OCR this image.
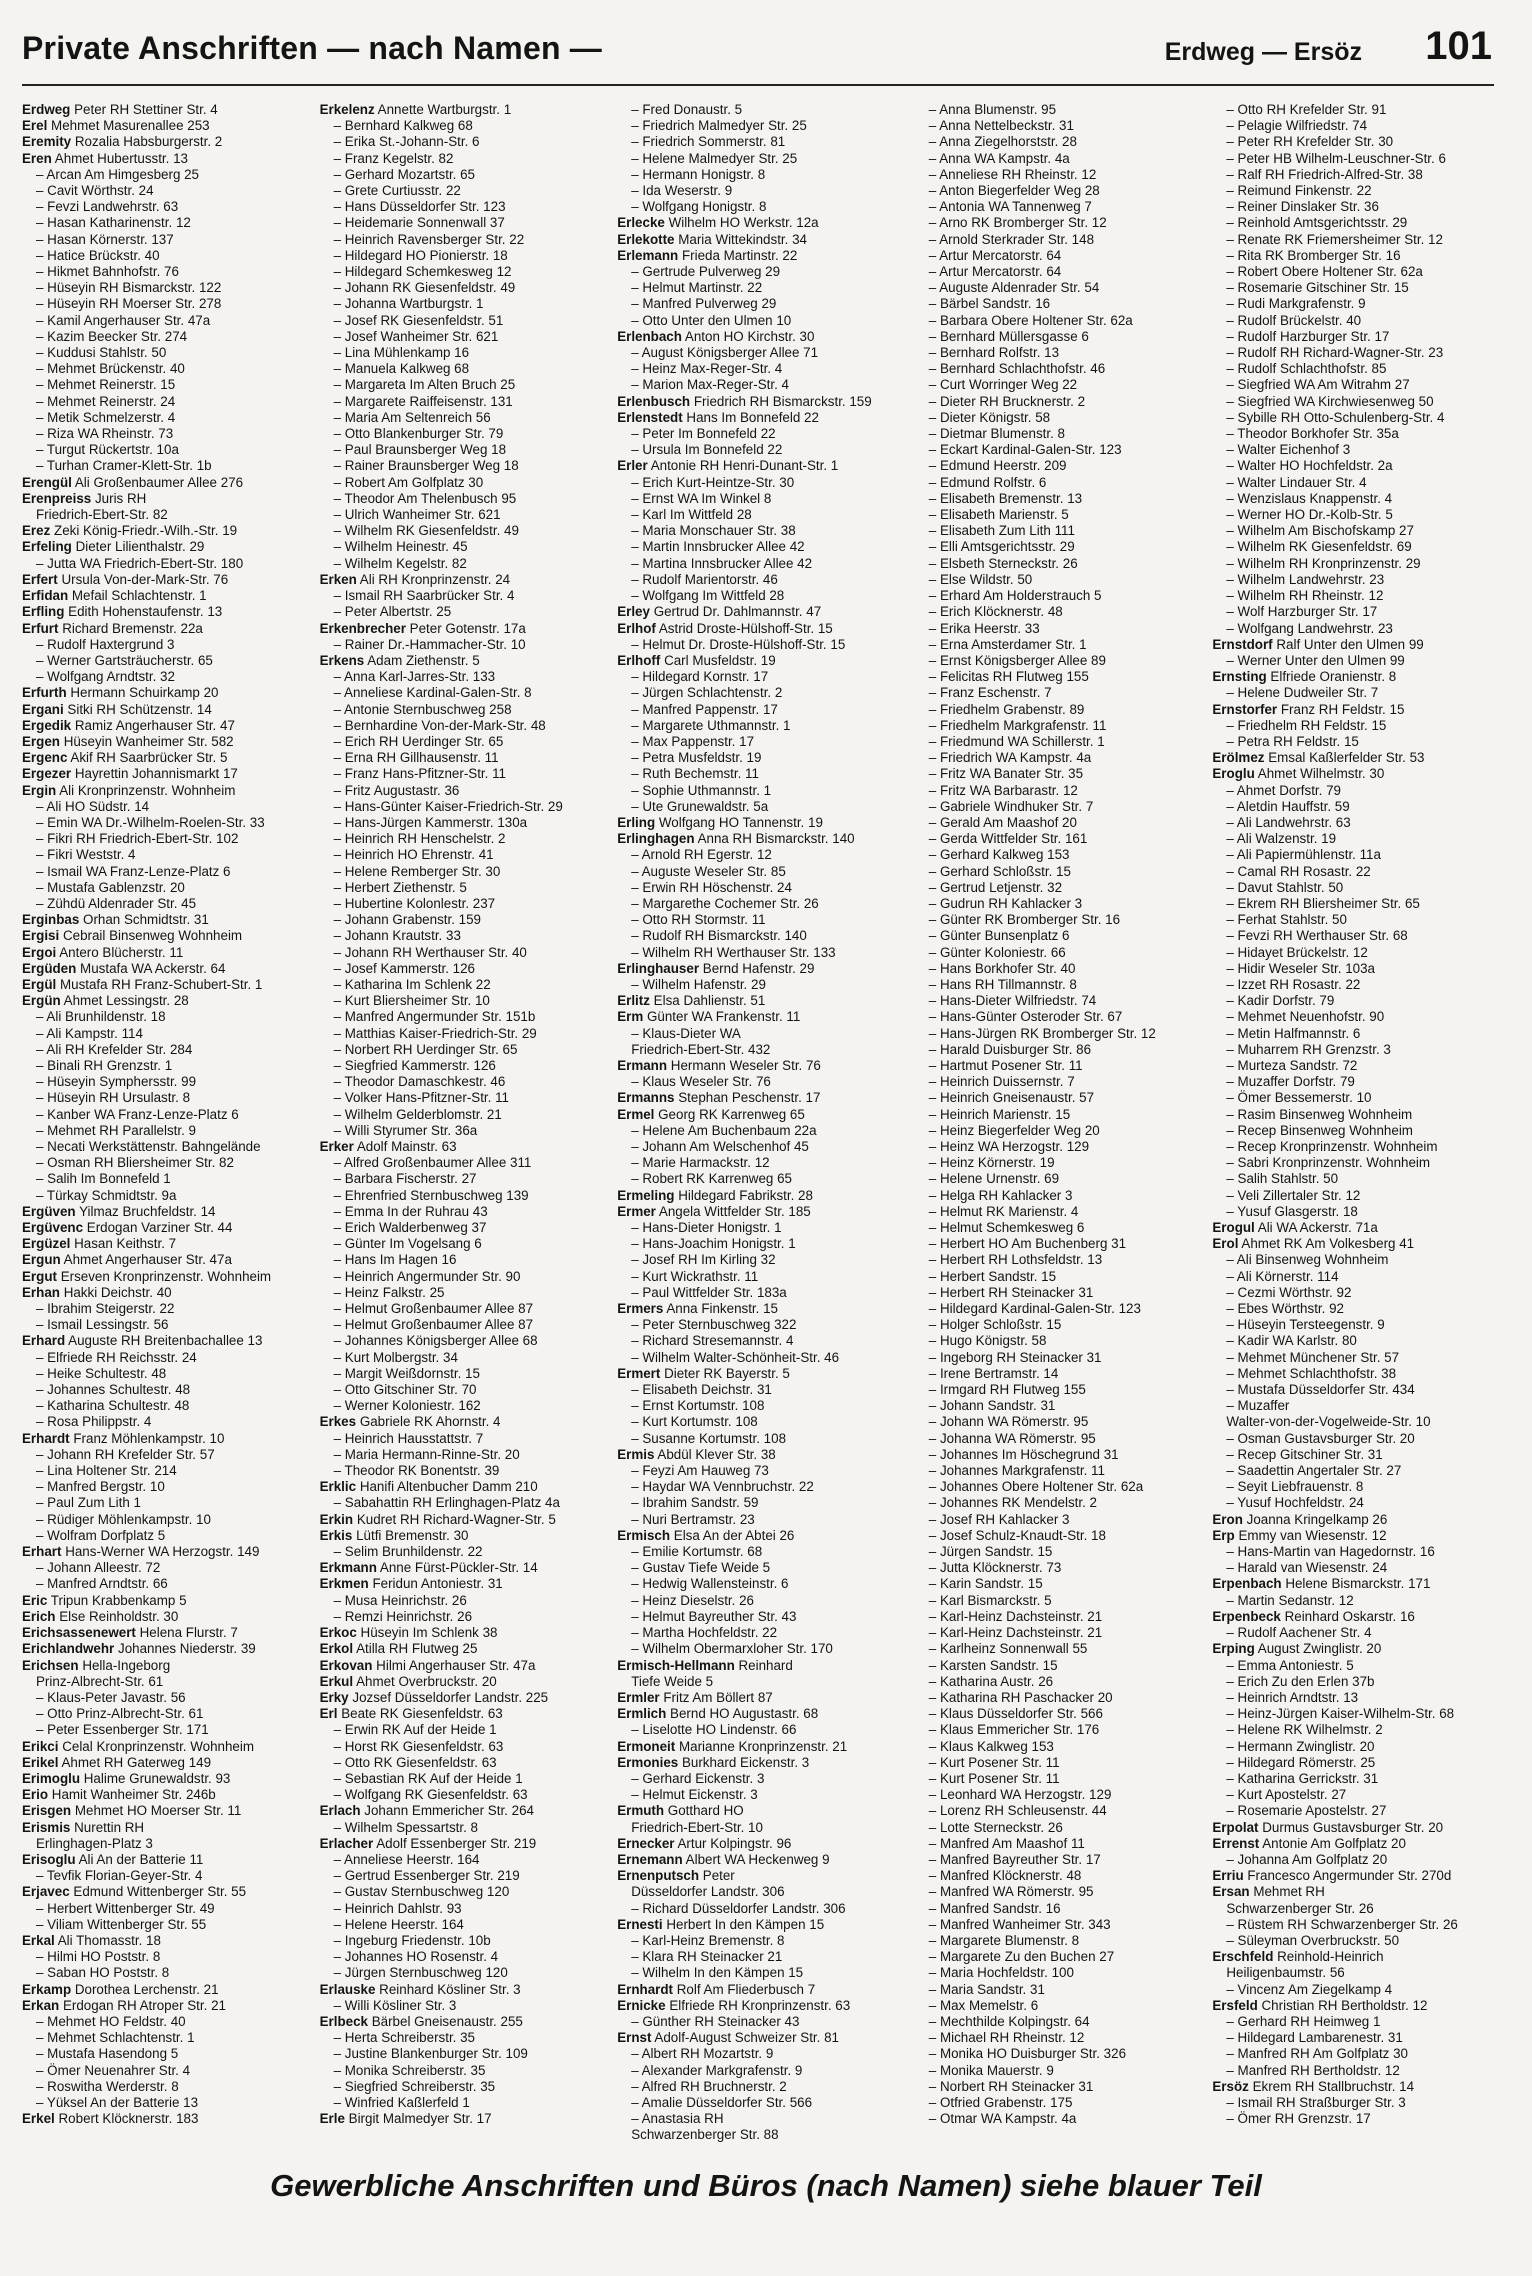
Private Anschriften — nach Namen —	Erdweg — Ersöz 101
Erdweg Peter RH Stettiner Str. 4
Erel Mehmet Masurenallee 253
Eremity Rozalia Habsburgerstr. 2
Eren Ahmet Hubertusstr. 13
– Arcan Am Himgesberg 25
– Cavit Wörthstr. 24
– Fevzi Landwehrstr. 63
– Hasan Katharinenstr. 12
– Hasan Körnerstr. 137
– Hatice Brückstr. 40
– Hikmet Bahnhofstr. 76
– Hüseyin RH Bismarckstr. 122
– Hüseyin RH Moerser Str. 278
– Kamil Angerhauser Str. 47a
– Kazim Beecker Str. 274
– Kuddusi Stahlstr. 50
– Mehmet Brückenstr. 40
– Mehmet Reinerstr. 15
– Mehmet Reinerstr. 24
– Metik Schmelzerstr. 4
– Riza WA Rheinstr. 73
– Turgut Rückertstr. 10a
– Turhan Cramer-Klett-Str. 1b
Erengül Ali Großenbaumer Allee 276
Erenpreiss Juris RH
Friedrich-Ebert-Str. 82
Erez Zeki König-Friedr.-Wilh.-Str. 19
Erfeling Dieter Lilienthalstr. 29
– Jutta WA Friedrich-Ebert-Str. 180
Erfert Ursula Von-der-Mark-Str. 76
Erfidan Mefail Schlachtenstr. 1
Erfling Edith Hohenstaufenstr. 13
Erfurt Richard Bremenstr. 22a
– Rudolf Haxtergrund 3
– Werner Gartsträucherstr. 65
– Wolfgang Arndtstr. 32
Erfurth Hermann Schuirkamp 20
Ergani Sitki RH Schützenstr. 14
Ergedik Ramiz Angerhauser Str. 47
Ergen Hüseyin Wanheimer Str. 582
Ergenc Akif RH Saarbrücker Str. 5
Ergezer Hayrettin Johannismarkt 17
Ergin Ali Kronprinzenstr. Wohnheim
– Ali HO Südstr. 14
– Emin WA Dr.-Wilhelm-Roelen-Str. 33
– Fikri RH Friedrich-Ebert-Str. 102
– Fikri Weststr. 4
– Ismail WA Franz-Lenze-Platz 6
– Mustafa Gablenzstr. 20
– Zühdü Aldenrader Str. 45
Erginbas Orhan Schmidtstr. 31
Ergisi Cebrail Binsenweg Wohnheim
Ergoi Antero Blücherstr. 11
Ergüden Mustafa WA Ackerstr. 64
Ergül Mustafa RH Franz-Schubert-Str. 1
Ergün Ahmet Lessingstr. 28
– Ali Brunhildenstr. 18
– Ali Kampstr. 114
– Ali RH Krefelder Str. 284
– Binali RH Grenzstr. 1
– Hüseyin Symphersstr. 99
– Hüseyin RH Ursulastr. 8
– Kanber WA Franz-Lenze-Platz 6
– Mehmet RH Parallelstr. 9
– Necati Werkstättenstr. Bahngelände
– Osman RH Bliersheimer Str. 82
– Salih Im Bonnefeld 1
– Türkay Schmidtstr. 9a
Ergüven Yilmaz Bruchfeldstr. 14
Ergüvenc Erdogan Varziner Str. 44
Ergüzel Hasan Keithstr. 7
Ergun Ahmet Angerhauser Str. 47a
Ergut Erseven Kronprinzenstr. Wohnheim
Erhan Hakki Deichstr. 40
– Ibrahim Steigerstr. 22
– Ismail Lessingstr. 56
Erhard Auguste RH Breitenbachallee 13
– Elfriede RH Reichsstr. 24
– Heike Schultestr. 48
– Johannes Schultestr. 48
– Katharina Schultestr. 48
– Rosa Philippstr. 4
Erhardt Franz Möhlenkampstr. 10
– Johann RH Krefelder Str. 57
– Lina Holtener Str. 214
– Manfred Bergstr. 10
– Paul Zum Lith 1
– Rüdiger Möhlenkampstr. 10
– Wolfram Dorfplatz 5
Erhart Hans-Werner WA Herzogstr. 149
– Johann Alleestr. 72
– Manfred Arndtstr. 66
Eric Tripun Krabbenkamp 5
Erich Else Reinholdstr. 30
Erichsassenewert Helena Flurstr. 7
Erichlandwehr Johannes Niederstr. 39
Erichsen Hella-Ingeborg
Prinz-Albrecht-Str. 61
– Klaus-Peter Javastr. 56
– Otto Prinz-Albrecht-Str. 61
– Peter Essenberger Str. 171
Erikci Celal Kronprinzenstr. Wohnheim
Erikel Ahmet RH Gaterweg 149
Erimoglu Halime Grunewaldstr. 93
Erio Hamit Wanheimer Str. 246b
Erisgen Mehmet HO Moerser Str. 11
Erismis Nurettin RH
Erlinghagen-Platz 3
Erisoglu Ali An der Batterie 11
– Tevfik Florian-Geyer-Str. 4
Erjavec Edmund Wittenberger Str. 55
– Herbert Wittenberger Str. 49
– Viliam Wittenberger Str. 55
Erkal Ali Thomasstr. 18
– Hilmi HO Poststr. 8
– Saban HO Poststr. 8
Erkamp Dorothea Lerchenstr. 21
Erkan Erdogan RH Atroper Str. 21
– Mehmet HO Feldstr. 40
– Mehmet Schlachtenstr. 1
– Mustafa Hasendong 5
– Ömer Neuenahrer Str. 4
– Roswitha Werderstr. 8
– Yüksel An der Batterie 13
Erkel Robert Klöcknerstr. 183
Erkelenz Annette Wartburgstr. 1
– Bernhard Kalkweg 68
– Erika St.-Johann-Str. 6
– Franz Kegelstr. 82
– Gerhard Mozartstr. 65
– Grete Curtiusstr. 22
– Hans Düsseldorfer Str. 123
– Heidemarie Sonnenwall 37
– Heinrich Ravensberger Str. 22
– Hildegard HO Pionierstr. 18
– Hildegard Schemkesweg 12
– Johann RK Giesenfeldstr. 49
– Johanna Wartburgstr. 1
– Josef RK Giesenfeldstr. 51
– Josef Wanheimer Str. 621
– Lina Mühlenkamp 16
– Manuela Kalkweg 68
– Margareta Im Alten Bruch 25
– Margarete Raiffeisenstr. 131
– Maria Am Seltenreich 56
– Otto Blankenburger Str. 79
– Paul Braunsberger Weg 18
– Rainer Braunsberger Weg 18
– Robert Am Golfplatz 30
– Theodor Am Thelenbusch 95
– Ulrich Wanheimer Str. 621
– Wilhelm RK Giesenfeldstr. 49
– Wilhelm Heinestr. 45
– Wilhelm Kegelstr. 82
Erken Ali RH Kronprinzenstr. 24
– Ismail RH Saarbrücker Str. 4
– Peter Albertstr. 25
Erkenbrecher Peter Gotenstr. 17a
– Rainer Dr.-Hammacher-Str. 10
Erkens Adam Ziethenstr. 5
– Anna Karl-Jarres-Str. 133
– Anneliese Kardinal-Galen-Str. 8
– Antonie Sternbuschweg 258
– Bernhardine Von-der-Mark-Str. 48
– Erich RH Uerdinger Str. 65
– Erna RH Gillhausenstr. 11
– Franz Hans-Pfitzner-Str. 11
– Fritz Augustastr. 36
– Hans-Günter Kaiser-Friedrich-Str. 29
– Hans-Jürgen Kammerstr. 130a
– Heinrich RH Henschelstr. 2
– Heinrich HO Ehrenstr. 41
– Helene Remberger Str. 30
– Herbert Ziethenstr. 5
– Hubertine Kolonlestr. 237
– Johann Grabenstr. 159
– Johann Krautstr. 33
– Johann RH Werthauser Str. 40
– Josef Kammerstr. 126
– Katharina Im Schlenk 22
– Kurt Bliersheimer Str. 10
– Manfred Angermunder Str. 151b
– Matthias Kaiser-Friedrich-Str. 29
– Norbert RH Uerdinger Str. 65
– Siegfried Kammerstr. 126
– Theodor Damaschkestr. 46
– Volker Hans-Pfitzner-Str. 11
– Wilhelm Gelderblomstr. 21
– Willi Styrumer Str. 36a
Erker Adolf Mainstr. 63
– Alfred Großenbaumer Allee 311
– Barbara Fischerstr. 27
– Ehrenfried Sternbuschweg 139
– Emma In der Ruhrau 43
– Erich Walderbenweg 37
– Günter Im Vogelsang 6
– Hans Im Hagen 16
– Heinrich Angermunder Str. 90
– Heinz Falkstr. 25
– Helmut Großenbaumer Allee 87
– Helmut Großenbaumer Allee 87
– Johannes Königsberger Allee 68
– Kurt Molbergstr. 34
– Margit Weißdornstr. 15
– Otto Gitschiner Str. 70
– Werner Koloniestr. 162
Erkes Gabriele RK Ahornstr. 4
– Heinrich Hausstattstr. 7
– Maria Hermann-Rinne-Str. 20
– Theodor RK Bonentstr. 39
Erklic Hanifi Altenbucher Damm 210
– Sabahattin RH Erlinghagen-Platz 4a
Erkin Kudret RH Richard-Wagner-Str. 5
Erkis Lütfi Bremenstr. 30
– Selim Brunhildenstr. 22
Erkmann Anne Fürst-Pückler-Str. 14
Erkmen Feridun Antoniestr. 31
– Musa Heinrichstr. 26
– Remzi Heinrichstr. 26
Erkoc Hüseyin Im Schlenk 38
Erkol Atilla RH Flutweg 25
Erkovan Hilmi Angerhauser Str. 47a
Erkul Ahmet Overbruckstr. 20
Erky Jozsef Düsseldorfer Landstr. 225
Erl Beate RK Giesenfeldstr. 63
– Erwin RK Auf der Heide 1
– Horst RK Giesenfeldstr. 63
– Otto RK Giesenfeldstr. 63
– Sebastian RK Auf der Heide 1
– Wolfgang RK Giesenfeldstr. 63
Erlach Johann Emmericher Str. 264
– Wilhelm Spessartstr. 8
Erlacher Adolf Essenberger Str. 219
– Anneliese Heerstr. 164
– Gertrud Essenberger Str. 219
– Gustav Sternbuschweg 120
– Heinrich Dahlstr. 93
– Helene Heerstr. 164
– Ingeburg Friedenstr. 10b
– Johannes HO Rosenstr. 4
– Jürgen Sternbuschweg 120
Erlauske Reinhard Kösliner Str. 3
– Willi Kösliner Str. 3
Erlbeck Bärbel Gneisenaustr. 255
– Herta Schreiberstr. 35
– Justine Blankenburger Str. 109
– Monika Schreiberstr. 35
– Siegfried Schreiberstr. 35
– Winfried Kaßlerfeld 1
Erle Birgit Malmedyer Str. 17
– Fred Donaustr. 5
– Friedrich Malmedyer Str. 25
– Friedrich Sommerstr. 81
– Helene Malmedyer Str. 25
– Hermann Honigstr. 8
– Ida Weserstr. 9
– Wolfgang Honigstr. 8
Erlecke Wilhelm HO Werkstr. 12a
Erlekotte Maria Wittekindstr. 34
Erlemann Frieda Martinstr. 22
– Gertrude Pulverweg 29
– Helmut Martinstr. 22
– Manfred Pulverweg 29
– Otto Unter den Ulmen 10
Erlenbach Anton HO Kirchstr. 30
– August Königsberger Allee 71
– Heinz Max-Reger-Str. 4
– Marion Max-Reger-Str. 4
Erlenbusch Friedrich RH Bismarckstr. 159
Erlenstedt Hans Im Bonnefeld 22
– Peter Im Bonnefeld 22
– Ursula Im Bonnefeld 22
Erler Antonie RH Henri-Dunant-Str. 1
– Erich Kurt-Heintze-Str. 30
– Ernst WA Im Winkel 8
– Karl Im Wittfeld 28
– Maria Monschauer Str. 38
– Martin Innsbrucker Allee 42
– Martina Innsbrucker Allee 42
– Rudolf Marientorstr. 46
– Wolfgang Im Wittfeld 28
Erley Gertrud Dr. Dahlmannstr. 47
Erlhof Astrid Droste-Hülshoff-Str. 15
– Helmut Dr. Droste-Hülshoff-Str. 15
Erlhoff Carl Musfeldstr. 19
– Hildegard Kornstr. 17
– Jürgen Schlachtenstr. 2
– Manfred Pappenstr. 17
– Margarete Uthmannstr. 1
– Max Pappenstr. 17
– Petra Musfeldstr. 19
– Ruth Bechemstr. 11
– Sophie Uthmannstr. 1
– Ute Grunewaldstr. 5a
Erling Wolfgang HO Tannenstr. 19
Erlinghagen Anna RH Bismarckstr. 140
– Arnold RH Egerstr. 12
– Auguste Weseler Str. 85
– Erwin RH Höschenstr. 24
– Margarethe Cochemer Str. 26
– Otto RH Stormstr. 11
– Rudolf RH Bismarckstr. 140
– Wilhelm RH Werthauser Str. 133
Erlinghauser Bernd Hafenstr. 29
– Wilhelm Hafenstr. 29
Erlitz Elsa Dahlienstr. 51
Erm Günter WA Frankenstr. 11
– Klaus-Dieter WA
Friedrich-Ebert-Str. 432
Ermann Hermann Weseler Str. 76
– Klaus Weseler Str. 76
Ermanns Stephan Peschenstr. 17
Ermel Georg RK Karrenweg 65
– Helene Am Buchenbaum 22a
– Johann Am Welschenhof 45
– Marie Harmackstr. 12
– Robert RK Karrenweg 65
Ermeling Hildegard Fabrikstr. 28
Ermer Angela Wittfelder Str. 185
– Hans-Dieter Honigstr. 1
– Hans-Joachim Honigstr. 1
– Josef RH Im Kirling 32
– Kurt Wickrathstr. 11
– Paul Wittfelder Str. 183a
Ermers Anna Finkenstr. 15
– Peter Sternbuschweg 322
– Richard Stresemannstr. 4
– Wilhelm Walter-Schönheit-Str. 46
Ermert Dieter RK Bayerstr. 5
– Elisabeth Deichstr. 31
– Ernst Kortumstr. 108
– Kurt Kortumstr. 108
– Susanne Kortumstr. 108
Ermis Abdül Klever Str. 38
– Feyzi Am Hauweg 73
– Haydar WA Vennbruchstr. 22
– Ibrahim Sandstr. 59
– Nuri Bertramstr. 23
Ermisch Elsa An der Abtei 26
– Emilie Kortumstr. 68
– Gustav Tiefe Weide 5
– Hedwig Wallensteinstr. 6
– Heinz Dieselstr. 26
– Helmut Bayreuther Str. 43
– Martha Hochfeldstr. 22
– Wilhelm Obermarxloher Str. 170
Ermisch-Hellmann Reinhard
Tiefe Weide 5
Ermler Fritz Am Böllert 87
Ermlich Bernd HO Augustastr. 68
– Liselotte HO Lindenstr. 66
Ermoneit Marianne Kronprinzenstr. 21
Ermonies Burkhard Eickenstr. 3
– Gerhard Eickenstr. 3
– Helmut Eickenstr. 3
Ermuth Gotthard HO
Friedrich-Ebert-Str. 10
Ernecker Artur Kolpingstr. 96
Ernemann Albert WA Heckenweg 9
Ernenputsch Peter
Düsseldorfer Landstr. 306
– Richard Düsseldorfer Landstr. 306
Ernesti Herbert In den Kämpen 15
– Karl-Heinz Bremenstr. 8
– Klara RH Steinacker 21
– Wilhelm In den Kämpen 15
Ernhardt Rolf Am Fliederbusch 7
Ernicke Elfriede RH Kronprinzenstr. 63
– Günther RH Steinacker 43
Ernst Adolf-August Schweizer Str. 81
– Albert RH Mozartstr. 9
– Alexander Markgrafenstr. 9
– Alfred RH Bruchnerstr. 2
– Amalie Düsseldorfer Str. 566
– Anastasia RH
Schwarzenberger Str. 88
– Anna Blumenstr. 95
– Anna Nettelbeckstr. 31
– Anna Ziegelhorststr. 28
– Anna WA Kampstr. 4a
– Anneliese RH Rheinstr. 12
– Anton Biegerfelder Weg 28
– Antonia WA Tannenweg 7
– Arno RK Bromberger Str. 12
– Arnold Sterkrader Str. 148
– Artur Mercatorstr. 64
– Artur Mercatorstr. 64
– Auguste Aldenrader Str. 54
– Bärbel Sandstr. 16
– Barbara Obere Holtener Str. 62a
– Bernhard Müllersgasse 6
– Bernhard Rolfstr. 13
– Bernhard Schlachthofstr. 46
– Curt Worringer Weg 22
– Dieter RH Brucknerstr. 2
– Dieter Königstr. 58
– Dietmar Blumenstr. 8
– Eckart Kardinal-Galen-Str. 123
– Edmund Heerstr. 209
– Edmund Rolfstr. 6
– Elisabeth Bremenstr. 13
– Elisabeth Marienstr. 5
– Elisabeth Zum Lith 111
– Elli Amtsgerichtsstr. 29
– Elsbeth Sterneckstr. 26
– Else Wildstr. 50
– Erhard Am Holderstrauch 5
– Erich Klöcknerstr. 48
– Erika Heerstr. 33
– Erna Amsterdamer Str. 1
– Ernst Königsberger Allee 89
– Felicitas RH Flutweg 155
– Franz Eschenstr. 7
– Friedhelm Grabenstr. 89
– Friedhelm Markgrafenstr. 11
– Friedmund WA Schillerstr. 1
– Friedrich WA Kampstr. 4a
– Fritz WA Banater Str. 35
– Fritz WA Barbarastr. 12
– Gabriele Windhuker Str. 7
– Gerald Am Maashof 20
– Gerda Wittfelder Str. 161
– Gerhard Kalkweg 153
– Gerhard Schloßstr. 15
– Gertrud Letjenstr. 32
– Gudrun RH Kahlacker 3
– Günter RK Bromberger Str. 16
– Günter Bunsenplatz 6
– Günter Koloniestr. 66
– Hans Borkhofer Str. 40
– Hans RH Tillmannstr. 8
– Hans-Dieter Wilfriedstr. 74
– Hans-Günter Osteroder Str. 67
– Hans-Jürgen RK Bromberger Str. 12
– Harald Duisburger Str. 86
– Hartmut Posener Str. 11
– Heinrich Duissernstr. 7
– Heinrich Gneisenaustr. 57
– Heinrich Marienstr. 15
– Heinz Biegerfelder Weg 20
– Heinz WA Herzogstr. 129
– Heinz Körnerstr. 19
– Helene Urnenstr. 69
– Helga RH Kahlacker 3
– Helmut RK Marienstr. 4
– Helmut Schemkesweg 6
– Herbert HO Am Buchenberg 31
– Herbert RH Lothsfeldstr. 13
– Herbert Sandstr. 15
– Herbert RH Steinacker 31
– Hildegard Kardinal-Galen-Str. 123
– Holger Schloßstr. 15
– Hugo Königstr. 58
– Ingeborg RH Steinacker 31
– Irene Bertramstr. 14
– Irmgard RH Flutweg 155
– Johann Sandstr. 31
– Johann WA Römerstr. 95
– Johanna WA Römerstr. 95
– Johannes Im Höschegrund 31
– Johannes Markgrafenstr. 11
– Johannes Obere Holtener Str. 62a
– Johannes RK Mendelstr. 2
– Josef RH Kahlacker 3
– Josef Schulz-Knaudt-Str. 18
– Jürgen Sandstr. 15
– Jutta Klöcknerstr. 73
– Karin Sandstr. 15
– Karl Bismarckstr. 5
– Karl-Heinz Dachsteinstr. 21
– Karl-Heinz Dachsteinstr. 21
– Karlheinz Sonnenwall 55
– Karsten Sandstr. 15
– Katharina Austr. 26
– Katharina RH Paschacker 20
– Klaus Düsseldorfer Str. 566
– Klaus Emmericher Str. 176
– Klaus Kalkweg 153
– Kurt Posener Str. 11
– Kurt Posener Str. 11
– Leonhard WA Herzogstr. 129
– Lorenz RH Schleusenstr. 44
– Lotte Sterneckstr. 26
– Manfred Am Maashof 11
– Manfred Bayreuther Str. 17
– Manfred Klöcknerstr. 48
– Manfred WA Römerstr. 95
– Manfred Sandstr. 16
– Manfred Wanheimer Str. 343
– Margarete Blumenstr. 8
– Margarete Zu den Buchen 27
– Maria Hochfeldstr. 100
– Maria Sandstr. 31
– Max Memelstr. 6
– Mechthilde Kolpingstr. 64
– Michael RH Rheinstr. 12
– Monika HO Duisburger Str. 326
– Monika Mauerstr. 9
– Norbert RH Steinacker 31
– Otfried Grabenstr. 175
– Otmar WA Kampstr. 4a
– Otto RH Krefelder Str. 91
– Pelagie Wilfriedstr. 74
– Peter RH Krefelder Str. 30
– Peter HB Wilhelm-Leuschner-Str. 6
– Ralf RH Friedrich-Alfred-Str. 38
– Reimund Finkenstr. 22
– Reiner Dinslaker Str. 36
– Reinhold Amtsgerichtsstr. 29
– Renate RK Friemersheimer Str. 12
– Rita RK Bromberger Str. 16
– Robert Obere Holtener Str. 62a
– Rosemarie Gitschiner Str. 15
– Rudi Markgrafenstr. 9
– Rudolf Brückelstr. 40
– Rudolf Harzburger Str. 17
– Rudolf RH Richard-Wagner-Str. 23
– Rudolf Schlachthofstr. 85
– Siegfried WA Am Witrahm 27
– Siegfried WA Kirchwiesenweg 50
– Sybille RH Otto-Schulenberg-Str. 4
– Theodor Borkhofer Str. 35a
– Walter Eichenhof 3
– Walter HO Hochfeldstr. 2a
– Walter Lindauer Str. 4
– Wenzislaus Knappenstr. 4
– Werner HO Dr.-Kolb-Str. 5
– Wilhelm Am Bischofskamp 27
– Wilhelm RK Giesenfeldstr. 69
– Wilhelm RH Kronprinzenstr. 29
– Wilhelm Landwehrstr. 23
– Wilhelm RH Rheinstr. 12
– Wolf Harzburger Str. 17
– Wolfgang Landwehrstr. 23
Ernstdorf Ralf Unter den Ulmen 99
– Werner Unter den Ulmen 99
Ernsting Elfriede Oranienstr. 8
– Helene Dudweiler Str. 7
Ernstorfer Franz RH Feldstr. 15
– Friedhelm RH Feldstr. 15
– Petra RH Feldstr. 15
Erölmez Emsal Kaßlerfelder Str. 53
Eroglu Ahmet Wilhelmstr. 30
– Ahmet Dorfstr. 79
– Aletdin Hauffstr. 59
– Ali Landwehrstr. 63
– Ali Walzenstr. 19
– Ali Papiermühlenstr. 11a
– Camal RH Rosastr. 22
– Davut Stahlstr. 50
– Ekrem RH Bliersheimer Str. 65
– Ferhat Stahlstr. 50
– Fevzi RH Werthauser Str. 68
– Hidayet Brückelstr. 12
– Hidir Weseler Str. 103a
– Izzet RH Rosastr. 22
– Kadir Dorfstr. 79
– Mehmet Neuenhofstr. 90
– Metin Halfmannstr. 6
– Muharrem RH Grenzstr. 3
– Murteza Sandstr. 72
– Muzaffer Dorfstr. 79
– Ömer Bessemerstr. 10
– Rasim Binsenweg Wohnheim
– Recep Binsenweg Wohnheim
– Recep Kronprinzenstr. Wohnheim
– Sabri Kronprinzenstr. Wohnheim
– Salih Stahlstr. 50
– Veli Zillertaler Str. 12
– Yusuf Glasgerstr. 18
Erogul Ali WA Ackerstr. 71a
Erol Ahmet RK Am Volkesberg 41
– Ali Binsenweg Wohnheim
– Ali Körnerstr. 114
– Cezmi Wörthstr. 92
– Ebes Wörthstr. 92
– Hüseyin Tersteegenstr. 9
– Kadir WA Karlstr. 80
– Mehmet Münchener Str. 57
– Mehmet Schlachthofstr. 38
– Mustafa Düsseldorfer Str. 434
– Muzaffer
Walter-von-der-Vogelweide-Str. 10
– Osman Gustavsburger Str. 20
– Recep Gitschiner Str. 31
– Saadettin Angertaler Str. 27
– Seyit Liebfrauenstr. 8
– Yusuf Hochfeldstr. 24
Eron Joanna Kringelkamp 26
Erp Emmy van Wiesenstr. 12
– Hans-Martin van Hagedornstr. 16
– Harald van Wiesenstr. 24
Erpenbach Helene Bismarckstr. 171
– Martin Sedanstr. 12
Erpenbeck Reinhard Oskarstr. 16
– Rudolf Aachener Str. 4
Erping August Zwinglistr. 20
– Emma Antoniestr. 5
– Erich Zu den Erlen 37b
– Heinrich Arndtstr. 13
– Heinz-Jürgen Kaiser-Wilhelm-Str. 68
– Helene RK Wilhelmstr. 2
– Hermann Zwinglistr. 20
– Hildegard Römerstr. 25
– Katharina Gerrickstr. 31
– Kurt Apostelstr. 27
– Rosemarie Apostelstr. 27
Erpolat Durmus Gustavsburger Str. 20
Errenst Antonie Am Golfplatz 20
– Johanna Am Golfplatz 20
Erriu Francesco Angermunder Str. 270d
Ersan Mehmet RH
Schwarzenberger Str. 26
– Rüstem RH Schwarzenberger Str. 26
– Süleyman Overbruckstr. 50
Erschfeld Reinhold-Heinrich
Heiligenbaumstr. 56
– Vincenz Am Ziegelkamp 4
Ersfeld Christian RH Bertholdstr. 12
– Gerhard RH Heimweg 1
– Hildegard Lambarenestr. 31
– Manfred RH Am Golfplatz 30
– Manfred RH Bertholdstr. 12
Ersöz Ekrem RH Stallbruchstr. 14
– Ismail RH Straßburger Str. 3
– Ömer RH Grenzstr. 17
Gewerbliche Anschriften und Büros (nach Namen) siehe blauer Teil
